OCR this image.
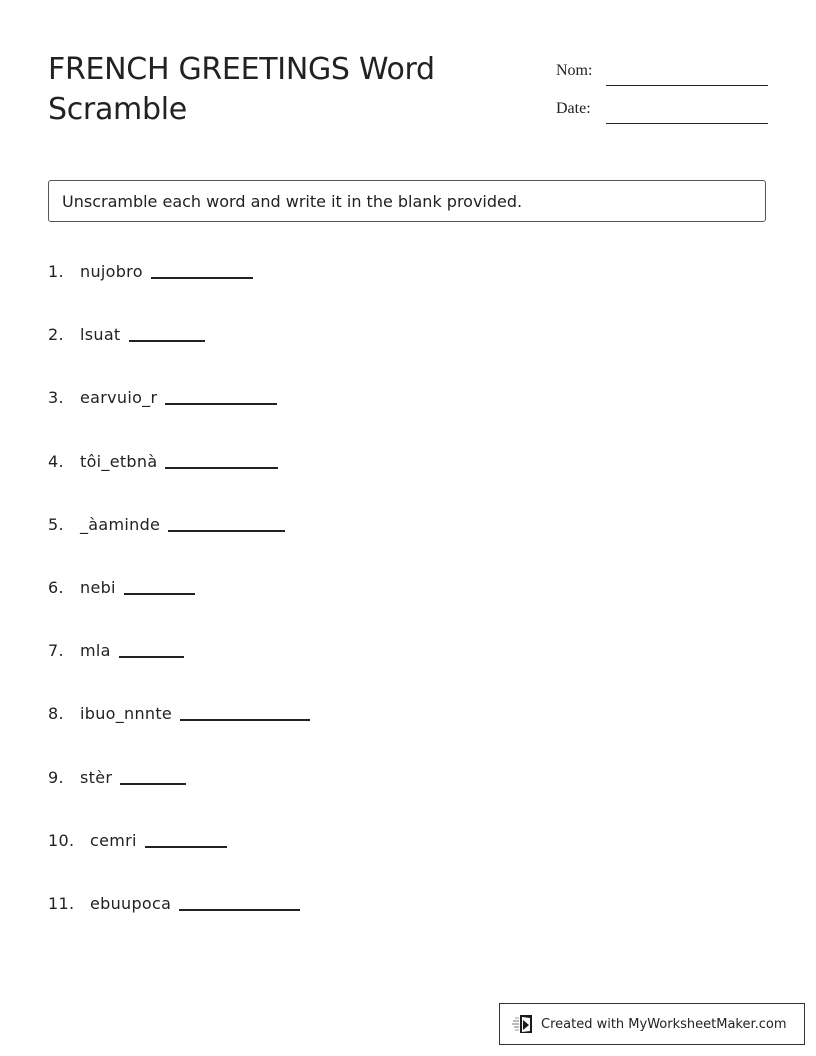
FRENCH GREETINGS Word Scramble
Nom:
Date:
Unscramble each word and write it in the blank provided.
1.	nujobro
2.	lsuat
3.	earvuio_r
4.	tôi_etbnà
5.	_àaminde
6.	nebi
7.	mla
8.	ibuo_nnnte
9.	stèr
10. cemri
11. ebuupoca
Created with MyWorksheetMaker.com
